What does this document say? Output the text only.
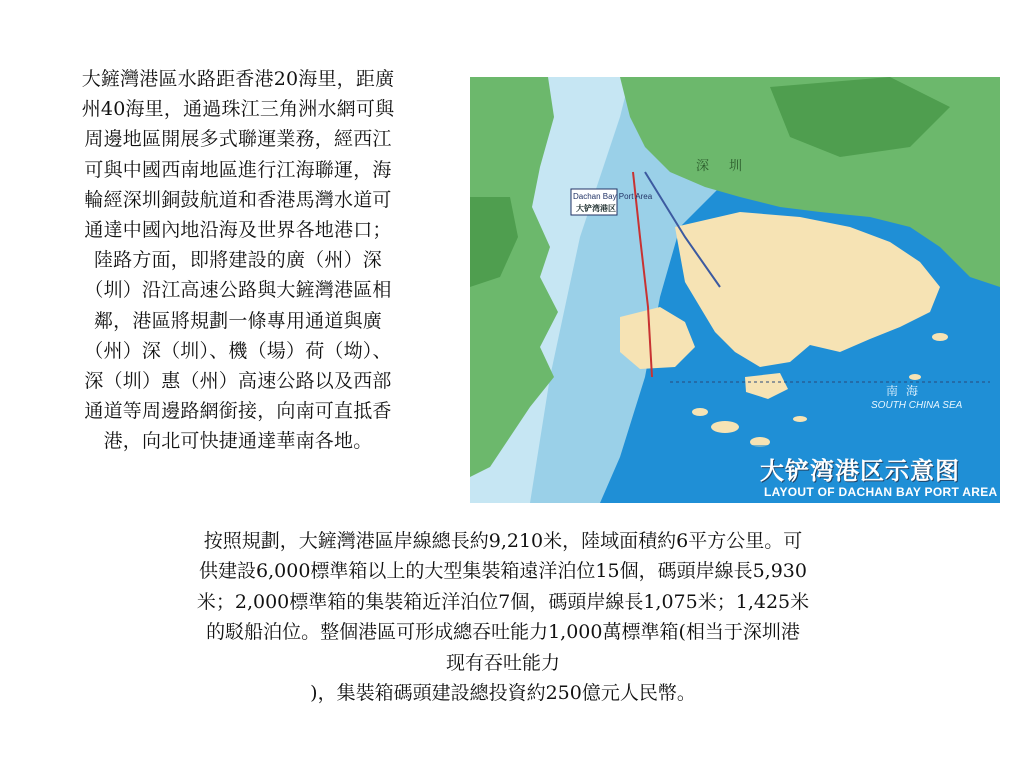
大鏟灣港區水路距香港20海里，距廣
州40海里，通過珠江三角洲水網可與
周邊地區開展多式聯運業務，經西江
可與中國西南地區進行江海聯運，海
輪經深圳銅鼓航道和香港馬灣水道可
通達中國內地沿海及世界各地港口；
陸路方面，即將建設的廣（州）深
（圳）沿江高速公路與大鏟灣港區相
鄰，港區將規劃一條專用通道與廣
（州）深（圳）、機（場）荷（坳）、
深（圳）惠（州）高速公路以及西部
通道等周邊路網銜接，向南可直抵香
港，向北可快捷通達華南各地。
深圳
Dachan Bay Port Area
大铲湾港区
南海
SOUTH CHINA SEA
大铲湾港区示意图
LAYOUT OF DACHAN BAY PORT AREA
按照規劃，大鏟灣港區岸線總長約9,210米，陸域面積約6平方公里。可
供建設6,000標準箱以上的大型集裝箱遠洋泊位15個，碼頭岸線長5,930
米；2,000標準箱的集裝箱近洋泊位7個，碼頭岸線長1,075米；1,425米
的駁船泊位。整個港區可形成總吞吐能力1,000萬標準箱(相当于深圳港
现有吞吐能力
)，集裝箱碼頭建設總投資約250億元人民幣。
